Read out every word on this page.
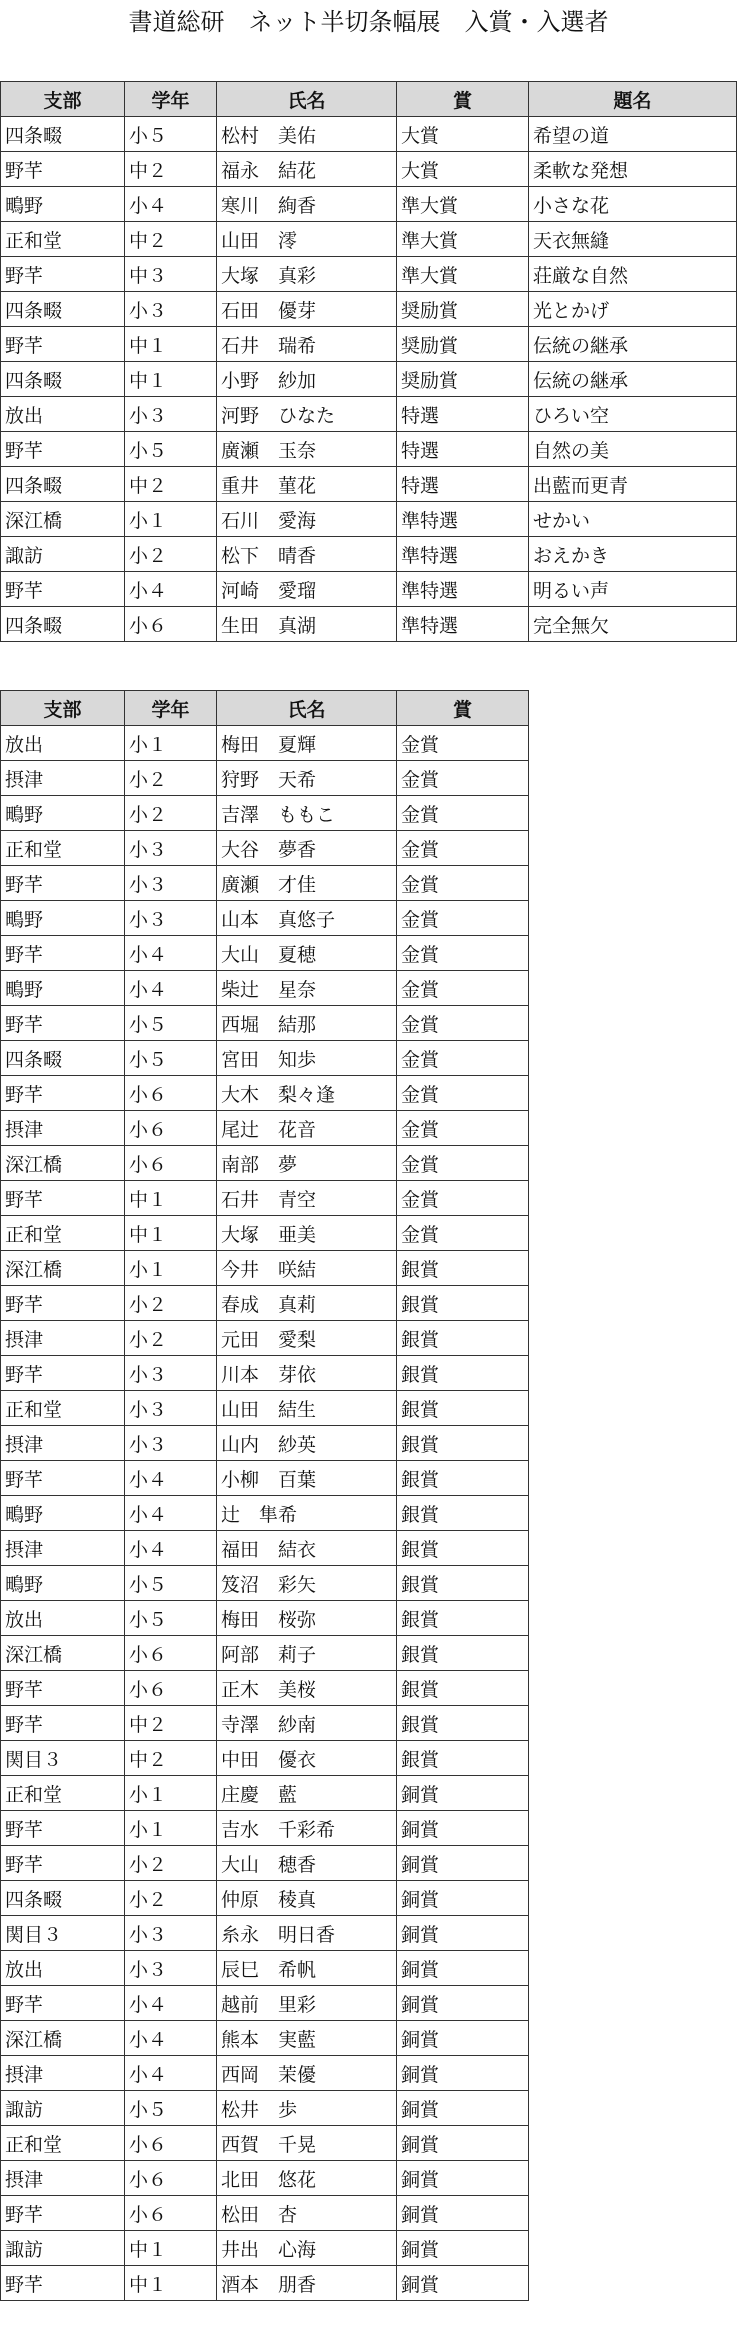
書道総研　ネット半切条幅展　入賞・入選者
支部	学年	氏名	賞	題名
四条畷	小５	松村　美佑	大賞	希望の道
野芊	中２	福永　結花	大賞	柔軟な発想
鴫野	小４	寒川　絢香	準大賞	小さな花
正和堂	中２	山田　澪	準大賞	天衣無縫
野芊	中３	大塚　真彩	準大賞	荘厳な自然
四条畷	小３	石田　優芽	奨励賞	光とかげ
野芊	中１	石井　瑞希	奨励賞	伝統の継承
四条畷	中１	小野　紗加	奨励賞	伝統の継承
放出	小３	河野　ひなた	特選	ひろい空
野芊	小５	廣瀬　玉奈	特選	自然の美
四条畷	中２	重井　菫花	特選	出藍而更青
深江橋	小１	石川　愛海	準特選	せかい
諏訪	小２	松下　晴香	準特選	おえかき
野芊	小４	河崎　愛瑠	準特選	明るい声
四条畷	小６	生田　真湖	準特選	完全無欠
支部	学年	氏名	賞
放出	小１	梅田　夏輝	金賞
摂津	小２	狩野　天希	金賞
鴫野	小２	吉澤　ももこ	金賞
正和堂	小３	大谷　夢香	金賞
野芊	小３	廣瀬　才佳	金賞
鴫野	小３	山本　真悠子	金賞
野芊	小４	大山　夏穂	金賞
鴫野	小４	柴辻　星奈	金賞
野芊	小５	西堀　結那	金賞
四条畷	小５	宮田　知歩	金賞
野芊	小６	大木　梨々逢	金賞
摂津	小６	尾辻　花音	金賞
深江橋	小６	南部　夢	金賞
野芊	中１	石井　青空	金賞
正和堂	中１	大塚　亜美	金賞
深江橋	小１	今井　咲結	銀賞
野芊	小２	春成　真莉	銀賞
摂津	小２	元田　愛梨	銀賞
野芊	小３	川本　芽依	銀賞
正和堂	小３	山田　結生	銀賞
摂津	小３	山内　紗英	銀賞
野芊	小４	小柳　百葉	銀賞
鴫野	小４	辻　隼希	銀賞
摂津	小４	福田　結衣	銀賞
鴫野	小５	笈沼　彩矢	銀賞
放出	小５	梅田　桜弥	銀賞
深江橋	小６	阿部　莉子	銀賞
野芊	小６	正木　美桜	銀賞
野芊	中２	寺澤　紗南	銀賞
関目３	中２	中田　優衣	銀賞
正和堂	小１	庄慶　藍	銅賞
野芊	小１	吉水　千彩希	銅賞
野芊	小２	大山　穂香	銅賞
四条畷	小２	仲原　稜真	銅賞
関目３	小３	糸永　明日香	銅賞
放出	小３	辰巳　希帆	銅賞
野芊	小４	越前　里彩	銅賞
深江橋	小４	熊本　実藍	銅賞
摂津	小４	西岡　茉優	銅賞
諏訪	小５	松井　歩	銅賞
正和堂	小６	西賀　千晃	銅賞
摂津	小６	北田　悠花	銅賞
野芊	小６	松田　杏	銅賞
諏訪	中１	井出　心海	銅賞
野芊	中１	酒本　朋香	銅賞
